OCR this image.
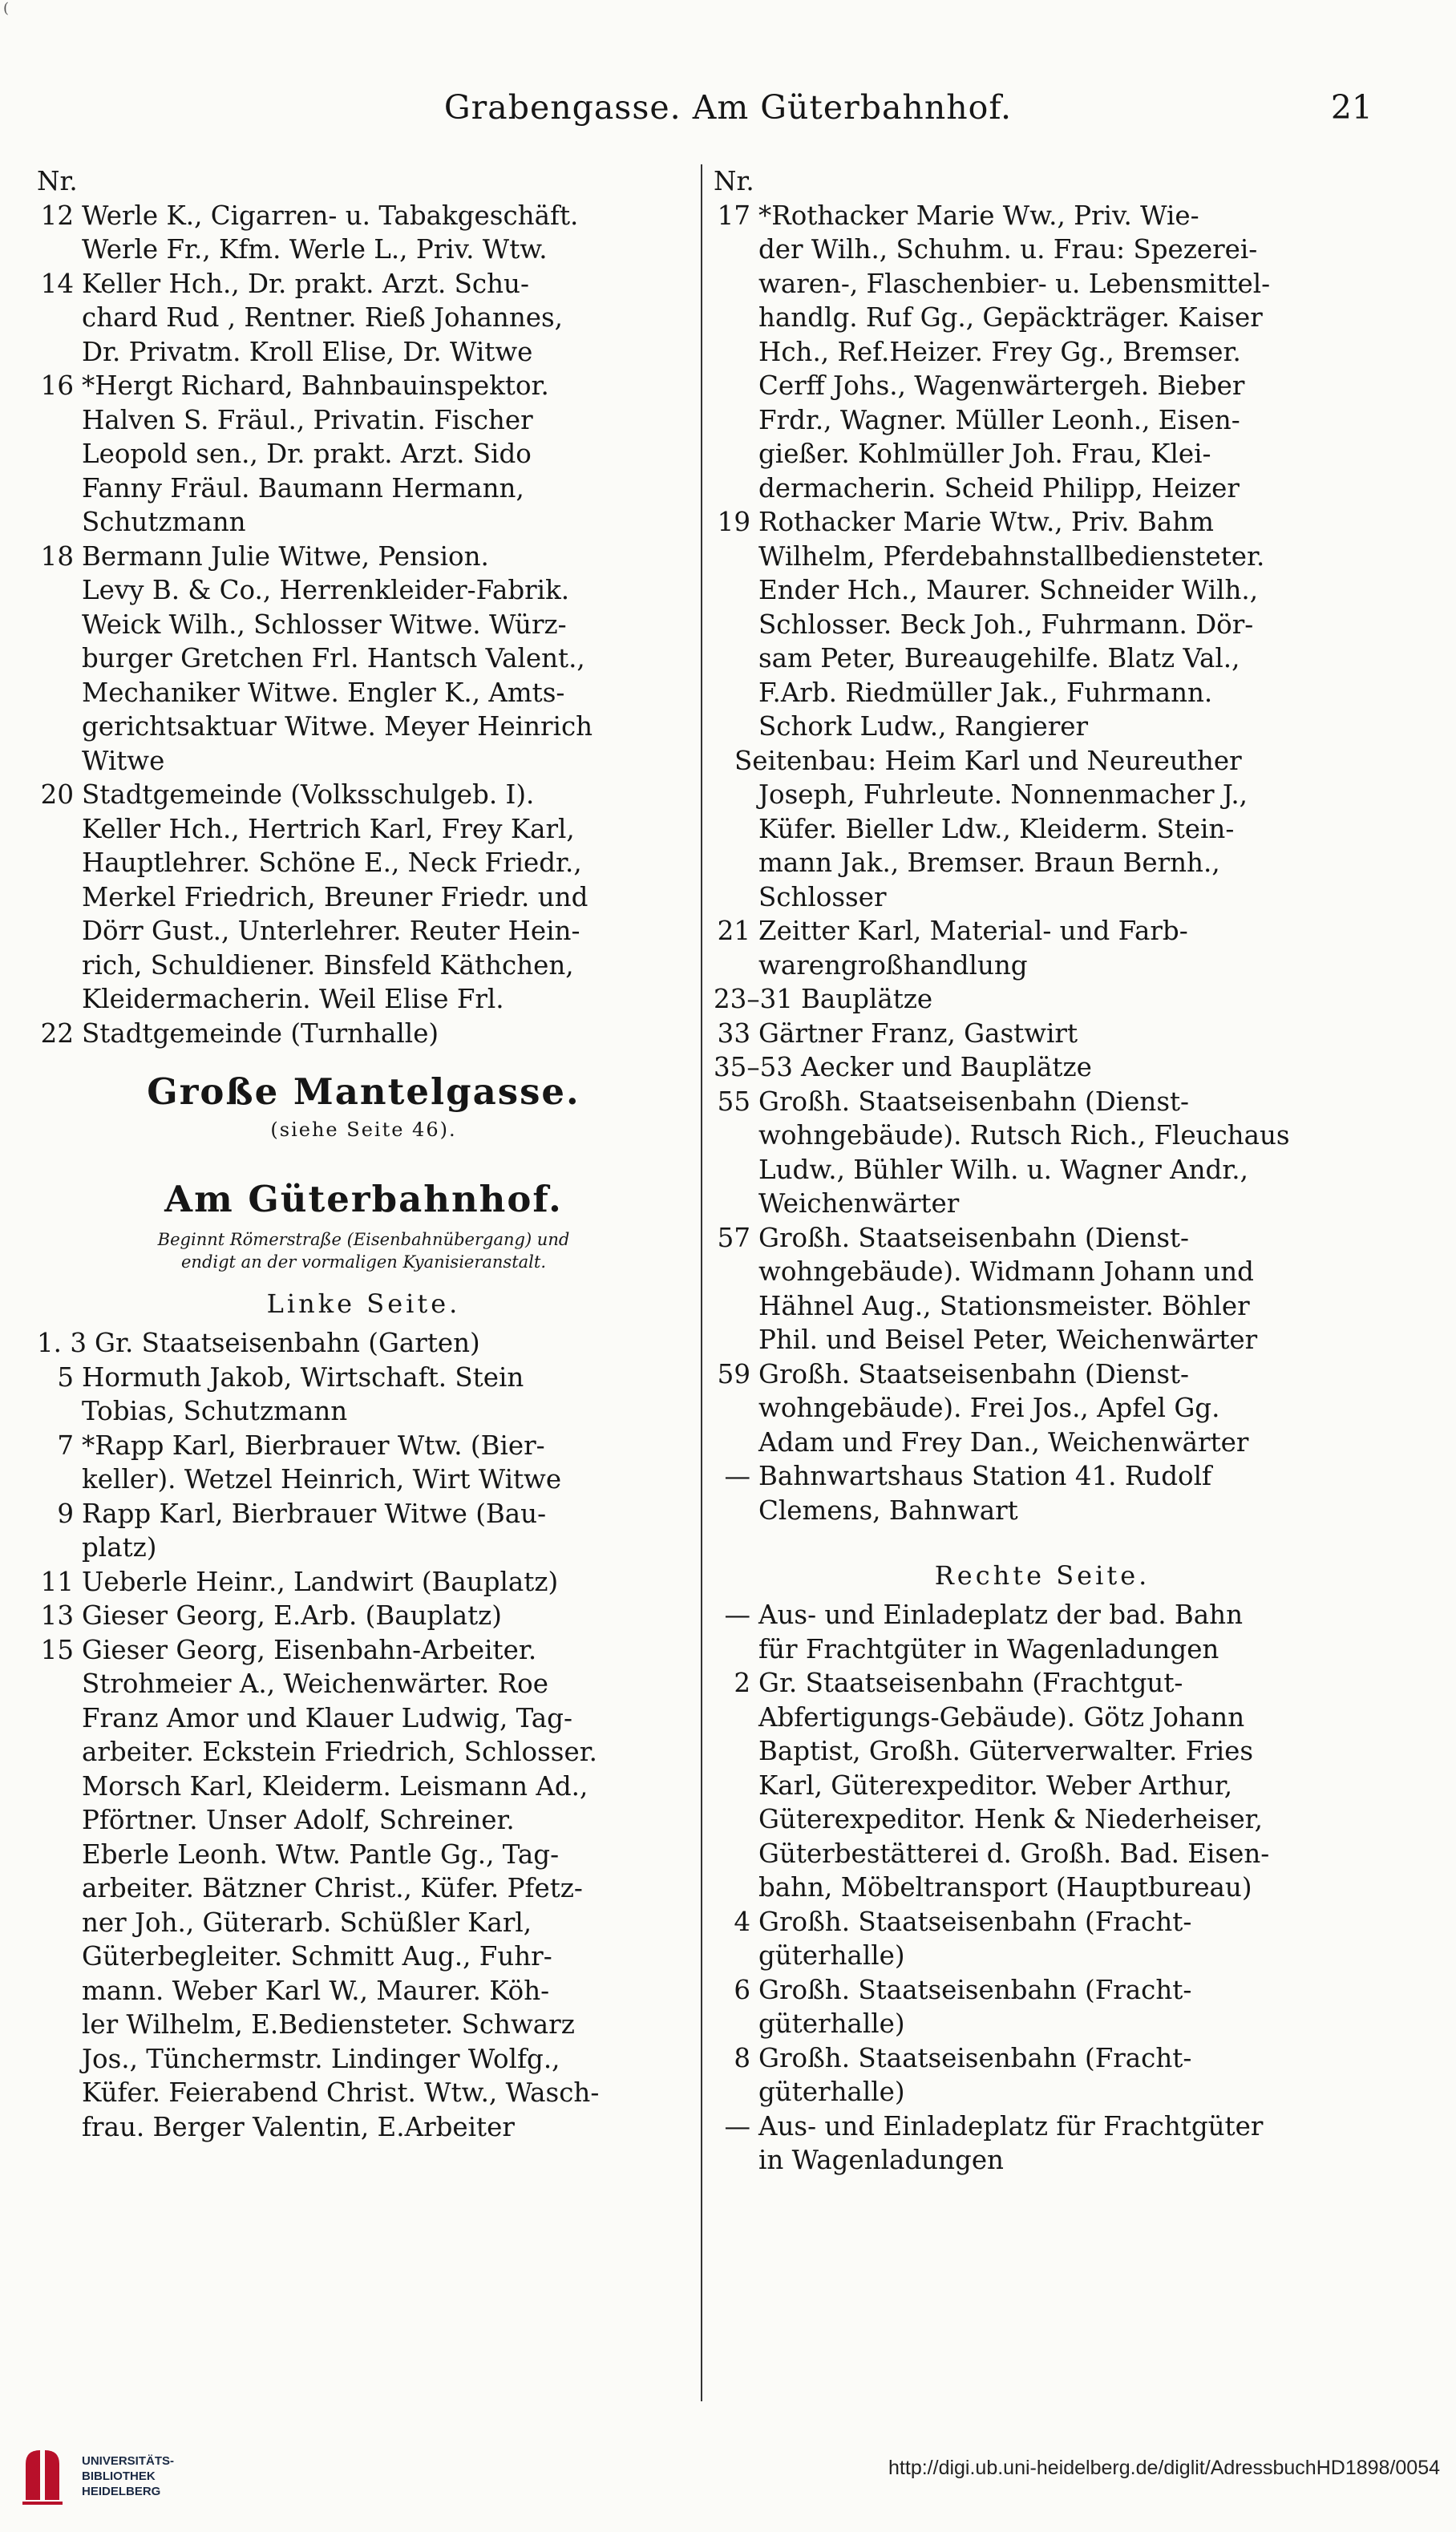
(
Grabengasse. Am Güterbahnhof.	21
Nr.
12 Werle K., Cigarren- u. Tabakgeschäft.
Werle Fr., Kfm. Werle L., Priv. Wtw.
14 Keller Hch., Dr. prakt. Arzt. Schu-
chard Rud , Rentner. Rieß Johannes,
Dr. Privatm. Kroll Elise, Dr. Witwe
16 *Hergt Richard, Bahnbauinspektor.
Halven S. Fräul., Privatin. Fischer
Leopold sen., Dr. prakt. Arzt. Sido
Fanny Fräul. Baumann Hermann,
Schutzmann
18 Bermann Julie Witwe, Pension.
Levy B. & Co., Herrenkleider-Fabrik.
Weick Wilh., Schlosser Witwe. Würz-
burger Gretchen Frl. Hantsch Valent.,
Mechaniker Witwe. Engler K., Amts-
gerichtsaktuar Witwe. Meyer Heinrich
Witwe
20 Stadtgemeinde (Volksschulgeb. I).
Keller Hch., Hertrich Karl, Frey Karl,
Hauptlehrer. Schöne E., Neck Friedr.,
Merkel Friedrich, Breuner Friedr. und
Dörr Gust., Unterlehrer. Reuter Hein-
rich, Schuldiener. Binsfeld Käthchen,
Kleidermacherin. Weil Elise Frl.
22 Stadtgemeinde (Turnhalle)
Große Mantelgasse.
(siehe Seite 46).
Am Güterbahnhof.
Beginnt Römerstraße (Eisenbahnübergang) und
endigt an der vormaligen Kyanisieranstalt.
Linke Seite.
1. 3 Gr. Staatseisenbahn (Garten)
5 Hormuth Jakob, Wirtschaft. Stein
Tobias, Schutzmann
7 *Rapp Karl, Bierbrauer Wtw. (Bier-
keller). Wetzel Heinrich, Wirt Witwe
9 Rapp Karl, Bierbrauer Witwe (Bau-
platz)
11 Ueberle Heinr., Landwirt (Bauplatz)
13 Gieser Georg, E.Arb. (Bauplatz)
15 Gieser Georg, Eisenbahn-Arbeiter.
Strohmeier A., Weichenwärter. Roe
Franz Amor und Klauer Ludwig, Tag-
arbeiter. Eckstein Friedrich, Schlosser.
Morsch Karl, Kleiderm. Leismann Ad.,
Pförtner. Unser Adolf, Schreiner.
Eberle Leonh. Wtw. Pantle Gg., Tag-
arbeiter. Bätzner Christ., Küfer. Pfetz-
ner Joh., Güterarb. Schüßler Karl,
Güterbegleiter. Schmitt Aug., Fuhr-
mann. Weber Karl W., Maurer. Köh-
ler Wilhelm, E.Bediensteter. Schwarz
Jos., Tünchermstr. Lindinger Wolfg.,
Küfer. Feierabend Christ. Wtw., Wasch-
frau. Berger Valentin, E.Arbeiter
Nr.
17 *Rothacker Marie Ww., Priv. Wie-
der Wilh., Schuhm. u. Frau: Spezerei-
waren-, Flaschenbier- u. Lebensmittel-
handlg. Ruf Gg., Gepäckträger. Kaiser
Hch., Ref.Heizer. Frey Gg., Bremser.
Cerff Johs., Wagenwärtergeh. Bieber
Frdr., Wagner. Müller Leonh., Eisen-
gießer. Kohlmüller Joh. Frau, Klei-
dermacherin. Scheid Philipp, Heizer
19 Rothacker Marie Wtw., Priv. Bahm
Wilhelm, Pferdebahnstallbediensteter.
Ender Hch., Maurer. Schneider Wilh.,
Schlosser. Beck Joh., Fuhrmann. Dör-
sam Peter, Bureaugehilfe. Blatz Val.,
F.Arb. Riedmüller Jak., Fuhrmann.
Schork Ludw., Rangierer
Seitenbau: Heim Karl und Neureuther
Joseph, Fuhrleute. Nonnenmacher J.,
Küfer. Bieller Ldw., Kleiderm. Stein-
mann Jak., Bremser. Braun Bernh.,
Schlosser
21 Zeitter Karl, Material- und Farb-
warengroßhandlung
23–31 Bauplätze
33 Gärtner Franz, Gastwirt
35–53 Aecker und Bauplätze
55 Großh. Staatseisenbahn (Dienst-
wohngebäude). Rutsch Rich., Fleuchaus
Ludw., Bühler Wilh. u. Wagner Andr.,
Weichenwärter
57 Großh. Staatseisenbahn (Dienst-
wohngebäude). Widmann Johann und
Hähnel Aug., Stationsmeister. Böhler
Phil. und Beisel Peter, Weichenwärter
59 Großh. Staatseisenbahn (Dienst-
wohngebäude). Frei Jos., Apfel Gg.
Adam und Frey Dan., Weichenwärter
— Bahnwartshaus Station 41. Rudolf
Clemens, Bahnwart
Rechte Seite.
— Aus- und Einladeplatz der bad. Bahn
für Frachtgüter in Wagenladungen
2 Gr. Staatseisenbahn (Frachtgut-
Abfertigungs-Gebäude). Götz Johann
Baptist, Großh. Güterverwalter. Fries
Karl, Güterexpeditor. Weber Arthur,
Güterexpeditor. Henk & Niederheiser,
Güterbestätterei d. Großh. Bad. Eisen-
bahn, Möbeltransport (Hauptbureau)
4 Großh. Staatseisenbahn (Fracht-
güterhalle)
6 Großh. Staatseisenbahn (Fracht-
güterhalle)
8 Großh. Staatseisenbahn (Fracht-
güterhalle)
— Aus- und Einladeplatz für Frachtgüter
in Wagenladungen
UNIVERSITÄTS-
BIBLIOTHEK
HEIDELBERG
http://digi.ub.uni-heidelberg.de/diglit/AdressbuchHD1898/0054
